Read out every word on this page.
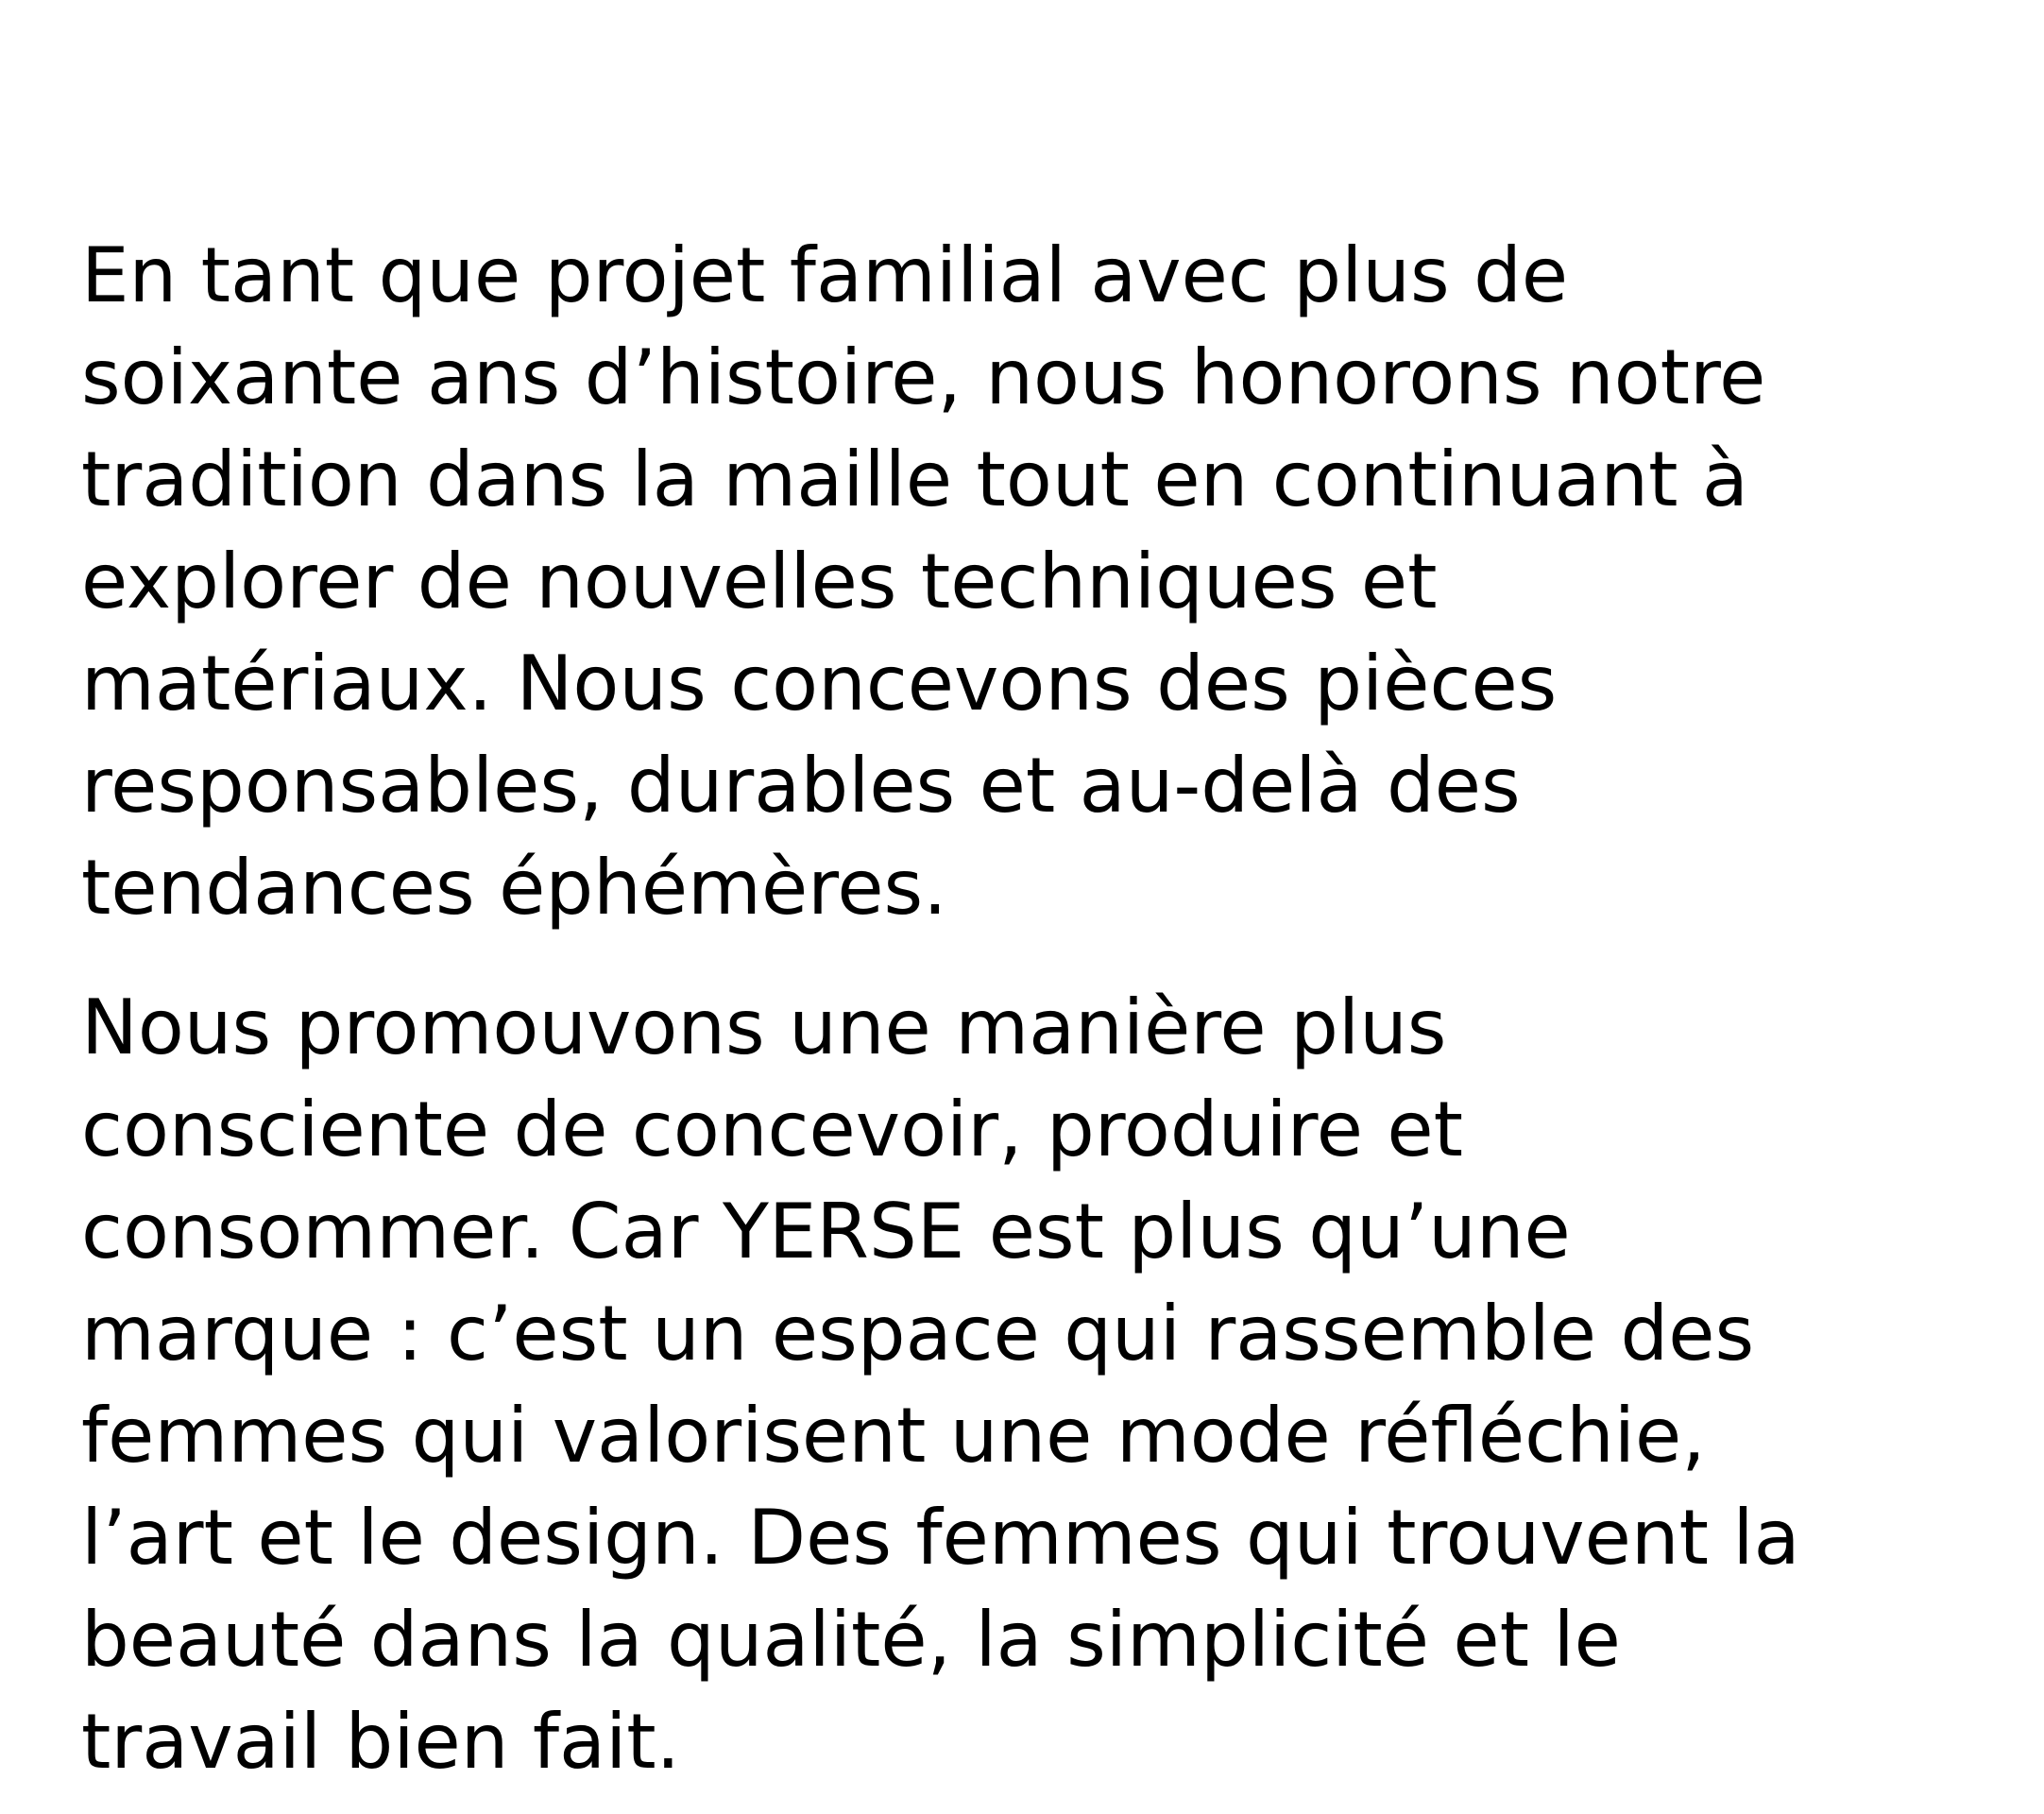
En tant que projet familial avec plus de
soixante ans d’histoire, nous honorons notre
tradition dans la maille tout en continuant à
explorer de nouvelles techniques et
matériaux. Nous concevons des pièces
responsables, durables et au-delà des
tendances éphémères.
Nous promouvons une manière plus
consciente de concevoir, produire et
consommer. Car YERSE est plus qu’une
marque : c’est un espace qui rassemble des
femmes qui valorisent une mode réfléchie,
l’art et le design. Des femmes qui trouvent la
beauté dans la qualité, la simplicité et le
travail bien fait.
